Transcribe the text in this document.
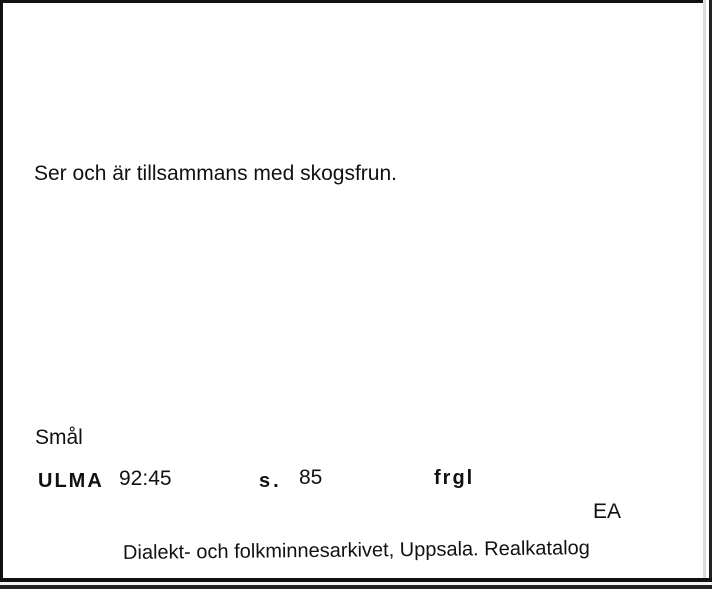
Ser och är tillsammans med skogsfrun.
Smål
ULMA 92:45	s. 85	frgl
EA
Dialekt- och folkminnesarkivet, Uppsala. Realkatalog
